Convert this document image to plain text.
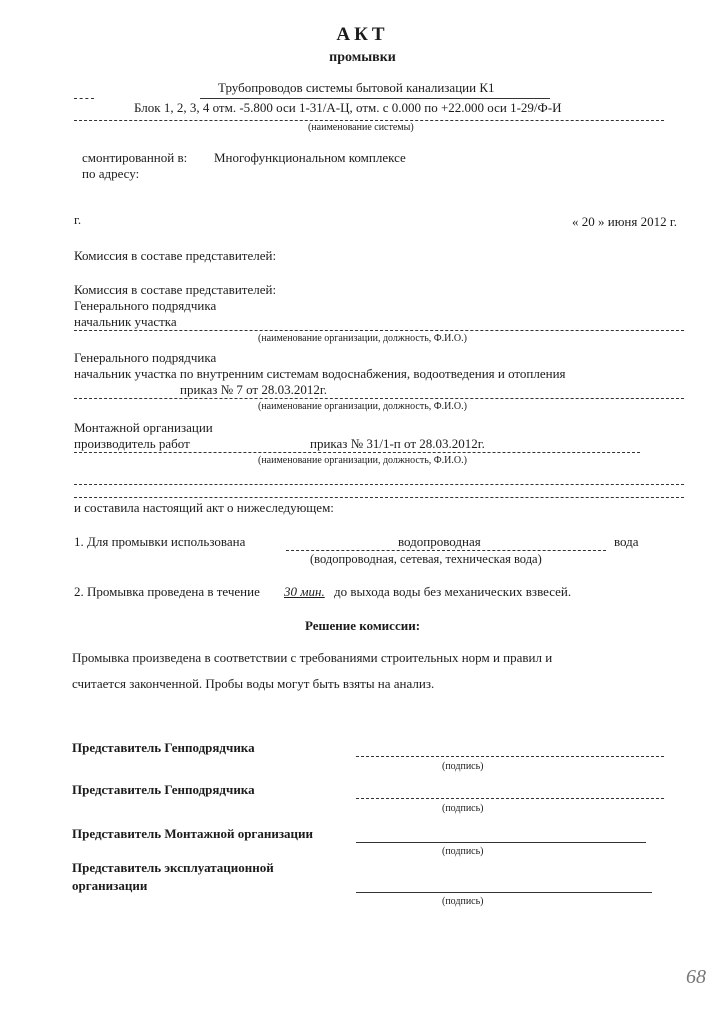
АКТ
промывки
Трубопроводов системы бытовой канализации К1
Блок 1, 2, 3, 4 отм. -5.800 оси 1-31/А-Ц, отм. с 0.000 по +22.000 оси 1-29/Ф-И
(наименование системы)
смонтированной в: Многофункциональном комплексе
по адресу:
г.	« 20 » июня 2012 г.
Комиссия в составе представителей:
Комиссия в составе представителей:
Генерального подрядчика
начальник участка
(наименование организации, должность, Ф.И.О.)
Генерального подрядчика
начальник участка по внутренним системам водоснабжения, водоотведения и отопления
приказ № 7 от 28.03.2012г.
(наименование организации, должность, Ф.И.О.)
Монтажной организации
производитель работ	приказ № 31/1-п от 28.03.2012г.
(наименование организации, должность, Ф.И.О.)
и составила настоящий акт о нижеследующем:
1. Для промывки использована	водопроводная	вода
(водопроводная, сетевая, техническая вода)
2. Промывка проведена в течение 30 мин. до выхода воды без механических взвесей.
Решение комиссии:
Промывка произведена в соответствии с требованиями строительных норм и правил и
считается законченной. Пробы воды могут быть взяты на анализ.
Представитель Генподрядчика
(подпись)
Представитель Генподрядчика
(подпись)
Представитель Монтажной организации
(подпись)
Представитель эксплуатационной
организации
(подпись)
68
